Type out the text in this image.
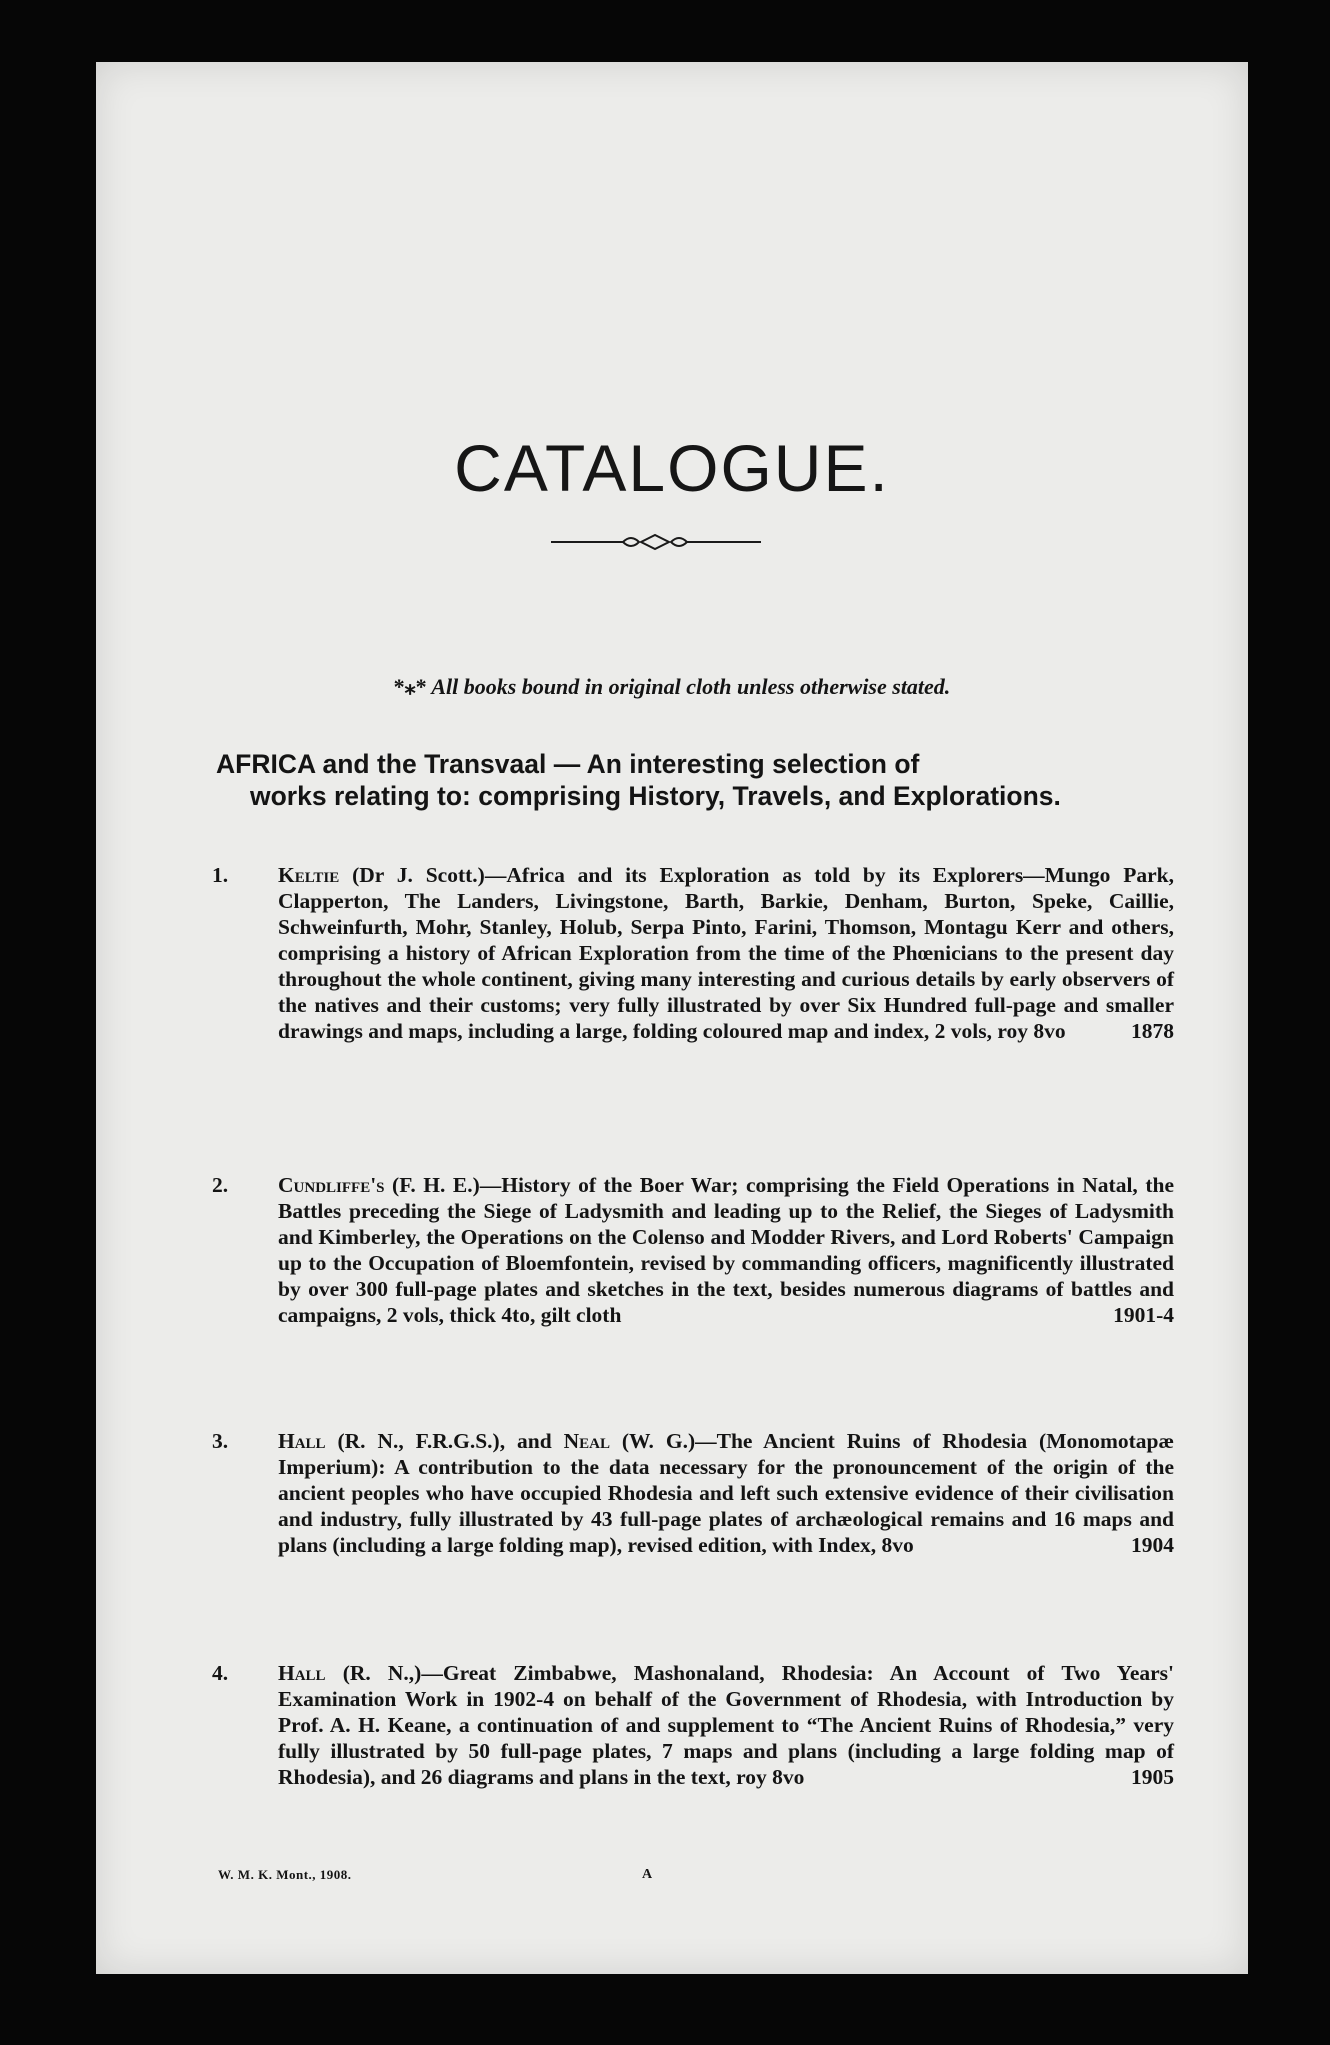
CATALOGUE.
*⁎* All books bound in original cloth unless otherwise stated.
AFRICA and the Transvaal — An interesting selection of
works relating to: comprising History, Travels, and Explorations.
1. Keltie (Dr J. Scott.)—Africa and its Exploration as told by its Explorers—Mungo Park, Clapperton, The Landers, Livingstone, Barth, Barkie, Denham, Burton, Speke, Caillie, Schweinfurth, Mohr, Stanley, Holub, Serpa Pinto, Farini, Thomson, Montagu Kerr and others, comprising a history of African Exploration from the time of the Phœnicians to the present day throughout the whole continent, giving many interesting and curious details by early observers of the natives and their customs; very fully illustrated by over Six Hundred full-page and smaller drawings and maps, including a large, folding coloured map and index, 2 vols, roy 8vo	1878
2. Cundliffe's (F. H. E.)—History of the Boer War; comprising the Field Operations in Natal, the Battles preceding the Siege of Ladysmith and leading up to the Relief, the Sieges of Ladysmith and Kimberley, the Operations on the Colenso and Modder Rivers, and Lord Roberts' Campaign up to the Occupation of Bloemfontein, revised by commanding officers, magnificently illustrated by over 300 full-page plates and sketches in the text, besides numerous diagrams of battles and campaigns, 2 vols, thick 4to, gilt cloth	1901-4
3. Hall (R. N., F.R.G.S.), and Neal (W. G.)—The Ancient Ruins of Rhodesia (Monomotapæ Imperium): A contribution to the data necessary for the pronouncement of the origin of the ancient peoples who have occupied Rhodesia and left such extensive evidence of their civilisation and industry, fully illustrated by 43 full-page plates of archæological remains and 16 maps and plans (including a large folding map), revised edition, with Index, 8vo	1904
4. Hall (R. N.,)—Great Zimbabwe, Mashonaland, Rhodesia: An Account of Two Years' Examination Work in 1902-4 on behalf of the Government of Rhodesia, with Introduction by Prof. A. H. Keane, a continuation of and supplement to “The Ancient Ruins of Rhodesia,” very fully illustrated by 50 full-page plates, 7 maps and plans (including a large folding map of Rhodesia), and 26 diagrams and plans in the text, roy 8vo	1905
W. M. K. Mont., 1908.	A
